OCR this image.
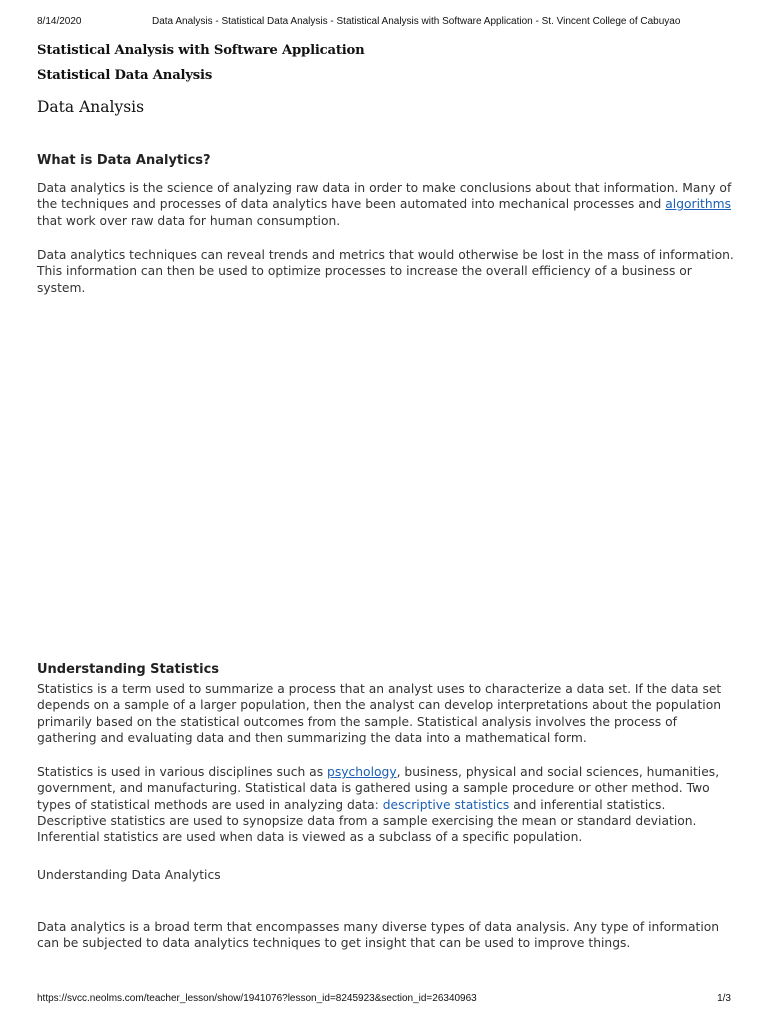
8/14/2020	Data Analysis - Statistical Data Analysis - Statistical Analysis with Software Application - St. Vincent College of Cabuyao
Statistical Analysis with Software Application
Statistical Data Analysis
Data Analysis
What is Data Analytics?
Data analytics is the science of analyzing raw data in order to make conclusions about that information. Many of the techniques and processes of data analytics have been automated into mechanical processes and algorithms that work over raw data for human consumption.
Data analytics techniques can reveal trends and metrics that would otherwise be lost in the mass of information. This information can then be used to optimize processes to increase the overall efficiency of a business or system.
Understanding Statistics
Statistics is a term used to summarize a process that an analyst uses to characterize a data set. If the data set depends on a sample of a larger population, then the analyst can develop interpretations about the population primarily based on the statistical outcomes from the sample. Statistical analysis involves the process of gathering and evaluating data and then summarizing the data into a mathematical form.
Statistics is used in various disciplines such as psychology, business, physical and social sciences, humanities, government, and manufacturing. Statistical data is gathered using a sample procedure or other method. Two types of statistical methods are used in analyzing data: descriptive statistics and inferential statistics. Descriptive statistics are used to synopsize data from a sample exercising the mean or standard deviation. Inferential statistics are used when data is viewed as a subclass of a specific population.
Understanding Data Analytics
Data analytics is a broad term that encompasses many diverse types of data analysis. Any type of information can be subjected to data analytics techniques to get insight that can be used to improve things.
https://svcc.neolms.com/teacher_lesson/show/1941076?lesson_id=8245923&section_id=26340963	1/3
